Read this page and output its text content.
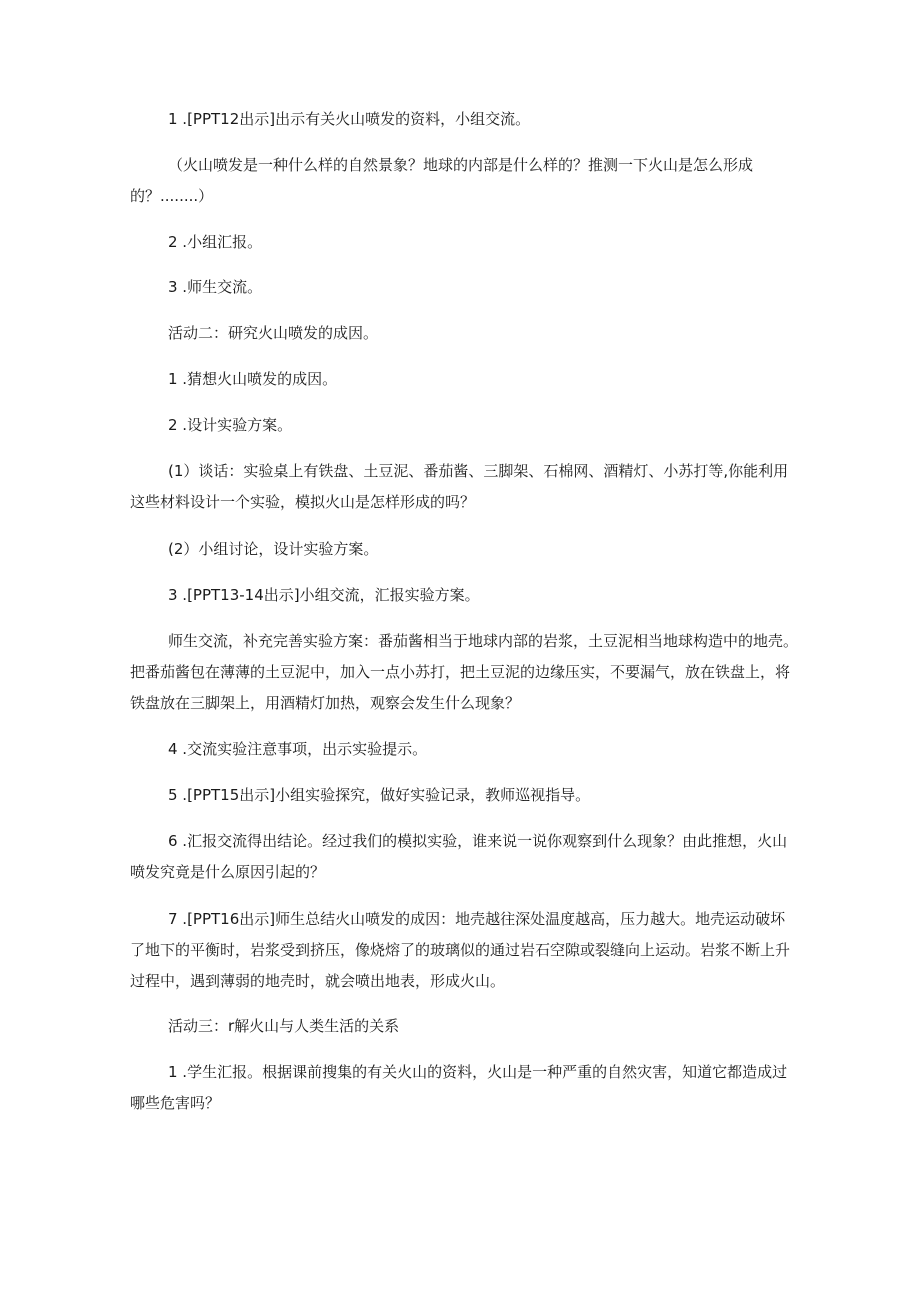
1 .[PPT12出示]出示有关火山喷发的资料，小组交流。

（火山喷发是一种什么样的自然景象？地球的内部是什么样的？推测一下火山是怎么形成的？........）

2 .小组汇报。

3 .师生交流。

活动二：研究火山喷发的成因。

1 .猜想火山喷发的成因。

2 .设计实验方案。

(1）谈话：实验桌上有铁盘、土豆泥、番茄酱、三脚架、石棉网、酒精灯、小苏打等,你能利用这些材料设计一个实验，模拟火山是怎样形成的吗？

(2）小组讨论，设计实验方案。

3 .[PPT13-14出示]小组交流，汇报实验方案。

师生交流，补充完善实验方案：番茄酱相当于地球内部的岩浆，土豆泥相当地球构造中的地壳。把番茄酱包在薄薄的土豆泥中，加入一点小苏打，把土豆泥的边缘压实，不要漏气，放在铁盘上，将铁盘放在三脚架上，用酒精灯加热，观察会发生什么现象？

4 .交流实验注意事项，出示实验提示。

5 .[PPT15出示]小组实验探究，做好实验记录，教师巡视指导。

6 .汇报交流得出结论。经过我们的模拟实验，谁来说一说你观察到什么现象？由此推想，火山喷发究竟是什么原因引起的？

7 .[PPT16出示]师生总结火山喷发的成因：地壳越往深处温度越高，压力越大。地壳运动破坏了地下的平衡时，岩浆受到挤压，像烧熔了的玻璃似的通过岩石空隙或裂缝向上运动。岩浆不断上升过程中，遇到薄弱的地壳时，就会喷出地表，形成火山。

活动三：r解火山与人类生活的关系

1 .学生汇报。根据课前搜集的有关火山的资料，火山是一种严重的自然灾害，知道它都造成过哪些危害吗？
